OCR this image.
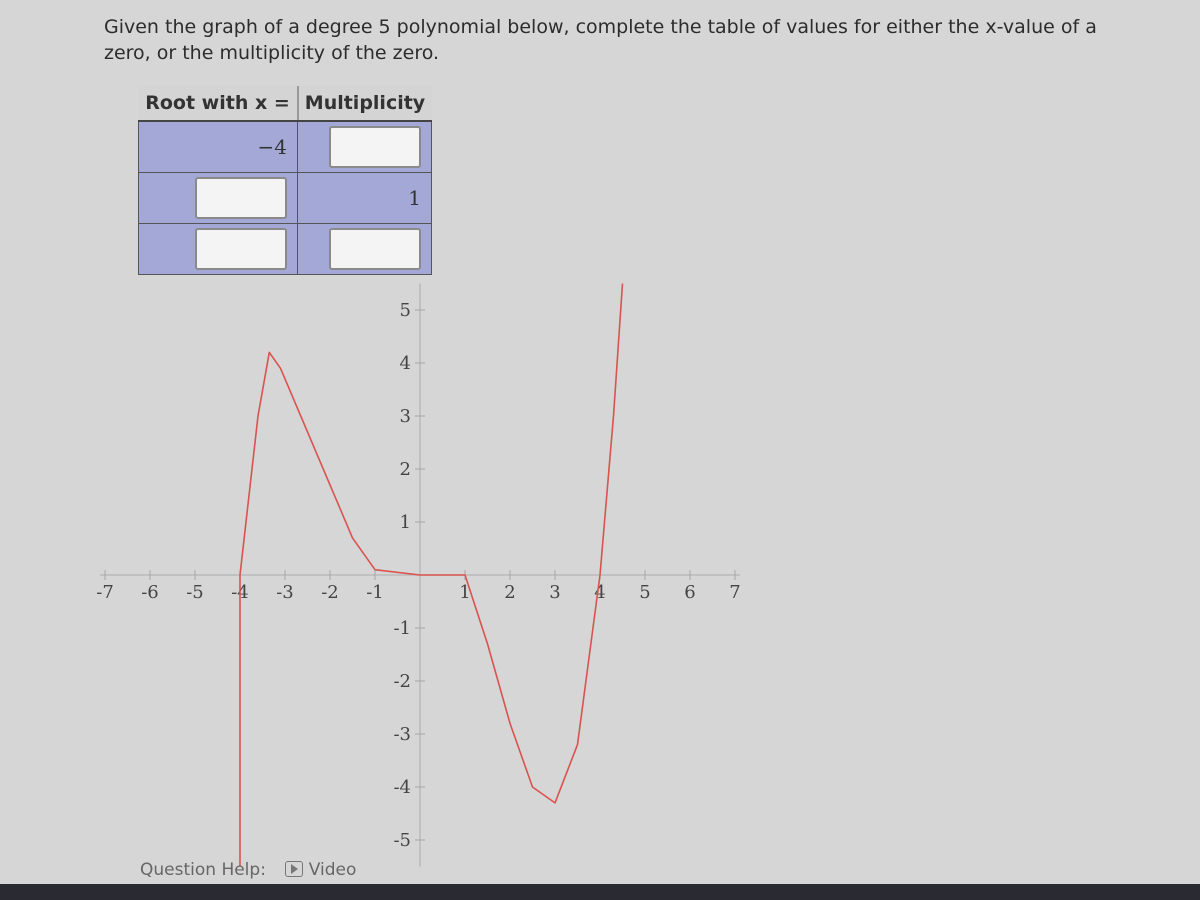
Given the graph of a degree 5 polynomial below, complete the table of values for either the x-value of a
zero, or the multiplicity of the zero.
Root with x =	Multiplicity
−4	
	1

-7 -6 -5 -4 -3 -2 -1	1 2 3 4 5 6 7
5
4
3
2
1
-1
-2
-3
-4
-5
Question Help:	Video
